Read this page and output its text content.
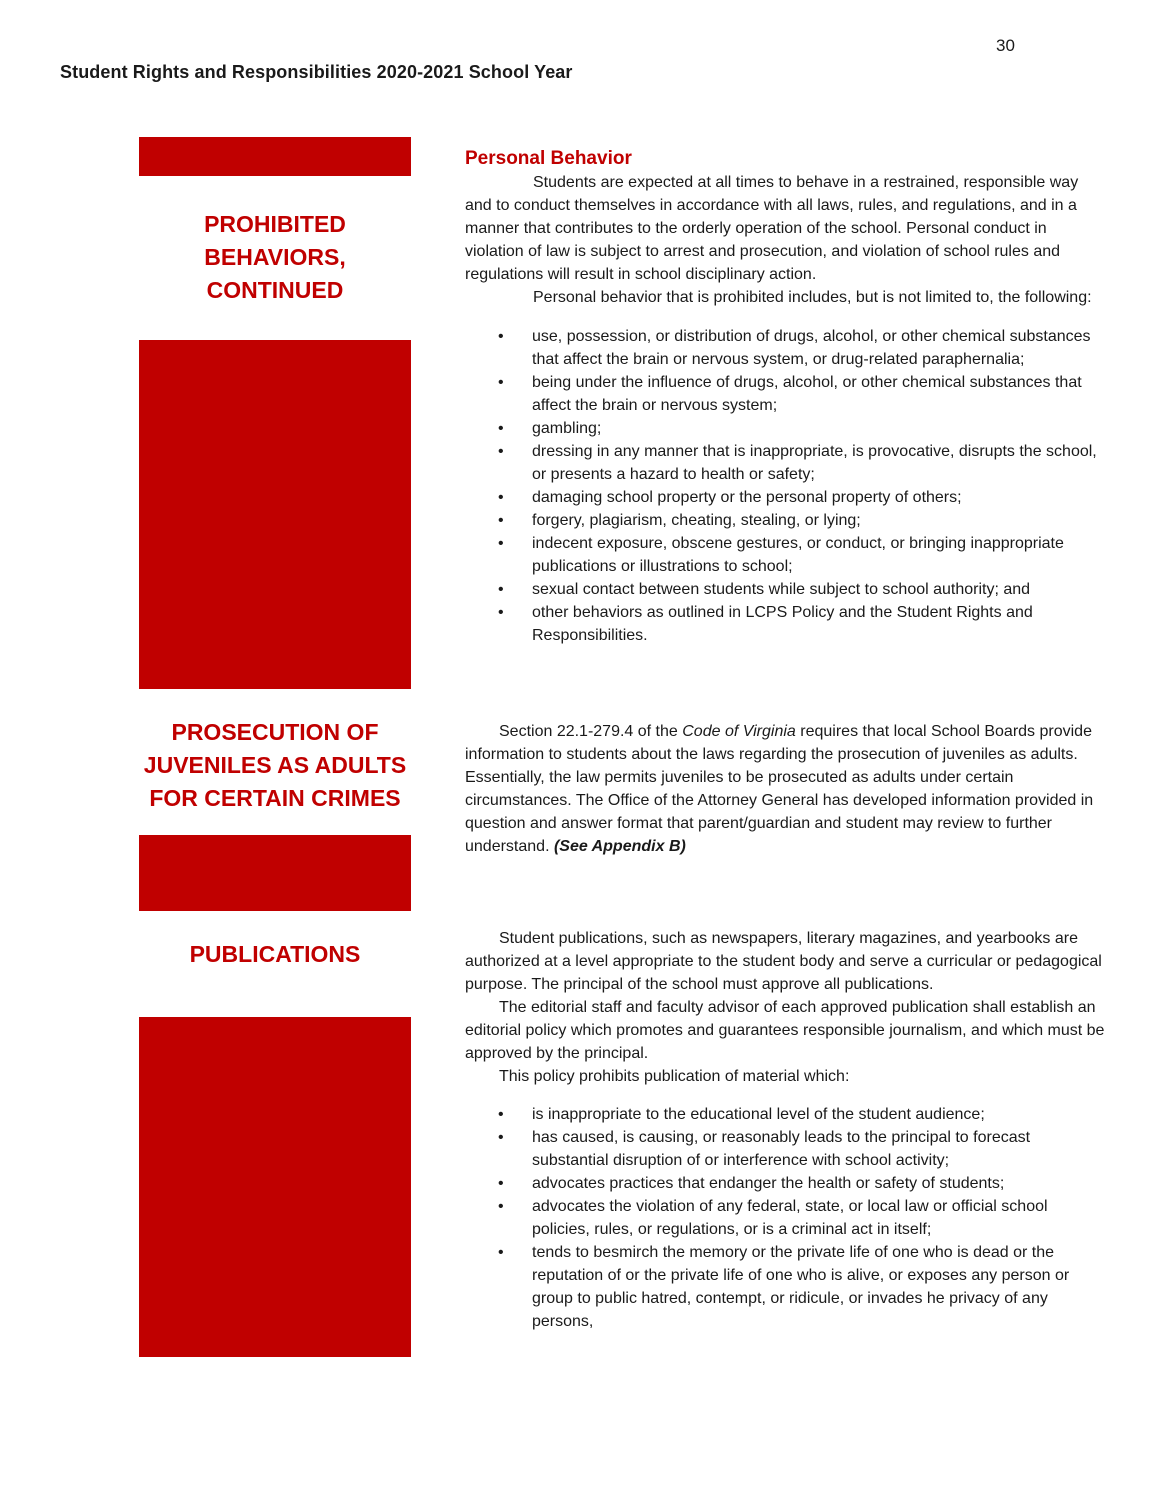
30
Student Rights and Responsibilities 2020-2021 School Year
PROHIBITED
BEHAVIORS,
CONTINUED
PROSECUTION OF
JUVENILES AS ADULTS
FOR CERTAIN CRIMES
PUBLICATIONS
Personal Behavior

Students are expected at all times to behave in a restrained, responsible way and to conduct themselves in accordance with all laws, rules, and regulations, and in a manner that contributes to the orderly operation of the school. Personal conduct in violation of law is subject to arrest and prosecution, and violation of school rules and regulations will result in school disciplinary action.

Personal behavior that is prohibited includes, but is not limited to, the following:

• use, possession, or distribution of drugs, alcohol, or other chemical substances that affect the brain or nervous system, or drug-related paraphernalia;
• being under the influence of drugs, alcohol, or other chemical substances that affect the brain or nervous system;
• gambling;
• dressing in any manner that is inappropriate, is provocative, disrupts the school, or presents a hazard to health or safety;
• damaging school property or the personal property of others;
• forgery, plagiarism, cheating, stealing, or lying;
• indecent exposure, obscene gestures, or conduct, or bringing inappropriate publications or illustrations to school;
• sexual contact between students while subject to school authority; and
• other behaviors as outlined in LCPS Policy and the Student Rights and Responsibilities.

Section 22.1-279.4 of the Code of Virginia requires that local School Boards provide information to students about the laws regarding the prosecution of juveniles as adults. Essentially, the law permits juveniles to be prosecuted as adults under certain circumstances. The Office of the Attorney General has developed information provided in question and answer format that parent/guardian and student may review to further understand. (See Appendix B)

Student publications, such as newspapers, literary magazines, and yearbooks are authorized at a level appropriate to the student body and serve a curricular or pedagogical purpose. The principal of the school must approve all publications.

The editorial staff and faculty advisor of each approved publication shall establish an editorial policy which promotes and guarantees responsible journalism, and which must be approved by the principal.

This policy prohibits publication of material which:

• is inappropriate to the educational level of the student audience;
• has caused, is causing, or reasonably leads to the principal to forecast substantial disruption of or interference with school activity;
• advocates practices that endanger the health or safety of students;
• advocates the violation of any federal, state, or local law or official school policies, rules, or regulations, or is a criminal act in itself;
• tends to besmirch the memory or the private life of one who is dead or the reputation of or the private life of one who is alive, or exposes any person or group to public hatred, contempt, or ridicule, or invades he privacy of any persons,
